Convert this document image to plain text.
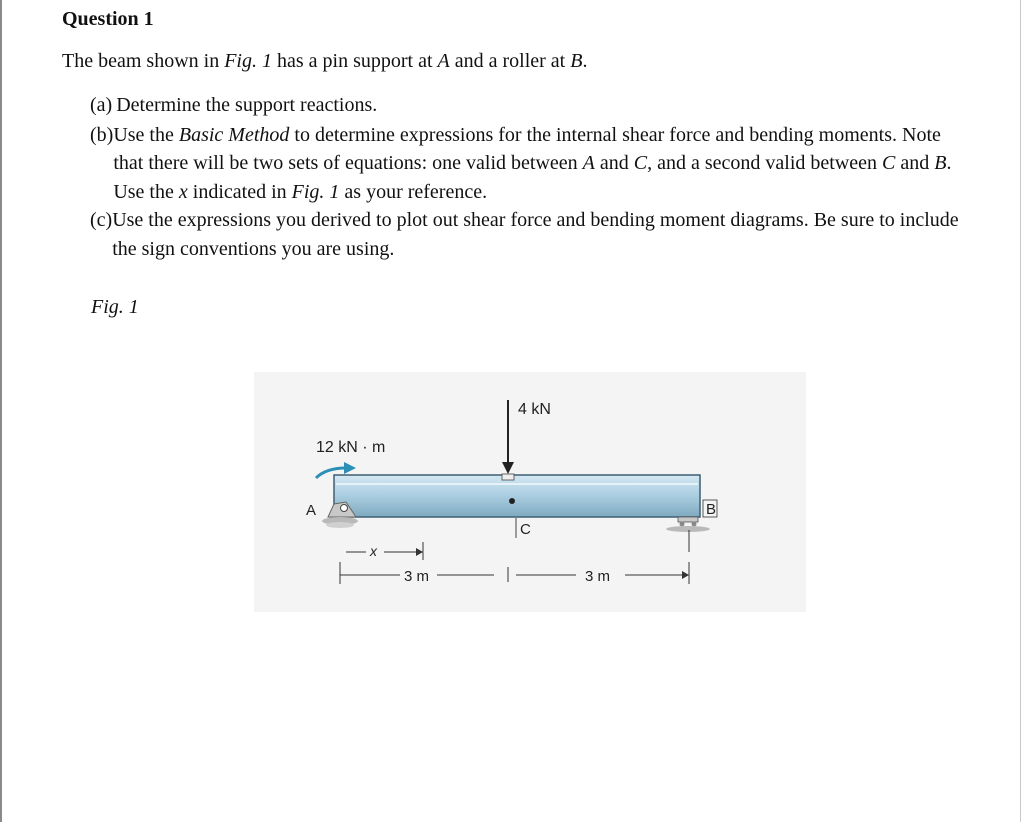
Question 1
The beam shown in Fig. 1 has a pin support at A and a roller at B.
(a) Determine the support reactions.
(b) Use the Basic Method to determine expressions for the internal shear force and bending moments. Note that there will be two sets of equations: one valid between A and C, and a second valid between C and B. Use the x indicated in Fig. 1 as your reference.
(c) Use the expressions you derived to plot out shear force and bending moment diagrams. Be sure to include the sign conventions you are using.
Fig. 1
A	B
4 kN
C
12 kN · m
x
3 m	3 m
